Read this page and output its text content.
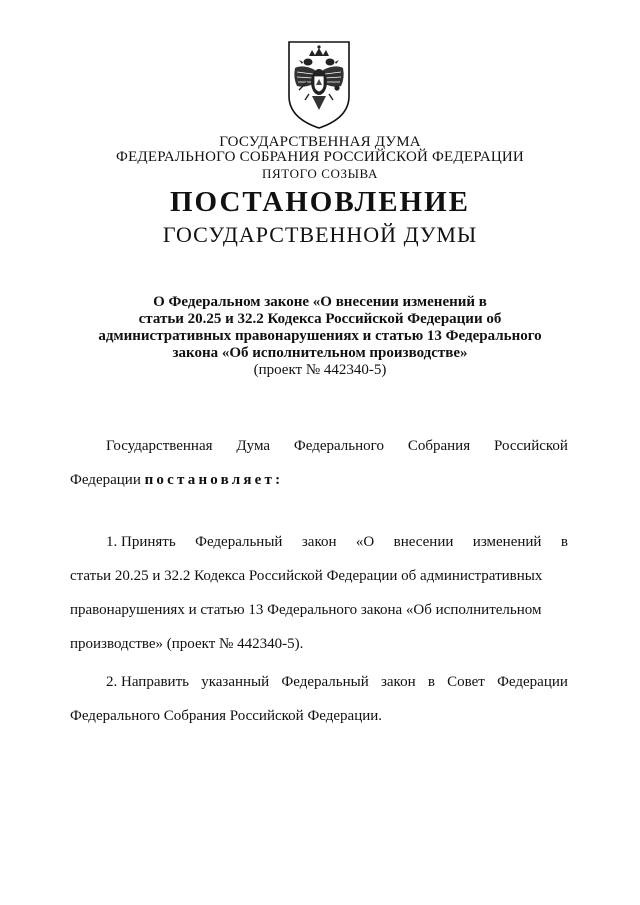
ГОСУДАРСТВЕННАЯ ДУМА
ФЕДЕРАЛЬНОГО СОБРАНИЯ РОССИЙСКОЙ ФЕДЕРАЦИИ
ПЯТОГО СОЗЫВА
ПОСТАНОВЛЕНИЕ
ГОСУДАРСТВЕННОЙ ДУМЫ
О Федеральном законе «О внесении изменений в
статьи 20.25 и 32.2 Кодекса Российской Федерации об
административных правонарушениях и статью 13 Федерального
закона «Об исполнительном производстве»
(проект № 442340-5)
Государственная Дума Федерального Собрания Российской
Федерации постановляет:
1. Принять Федеральный закон «О внесении изменений в
статьи 20.25 и 32.2 Кодекса Российской Федерации об административных
правонарушениях и статью 13 Федерального закона «Об исполнительном
производстве» (проект № 442340-5).
2. Направить указанный Федеральный закон в Совет Федерации
Федерального Собрания Российской Федерации.
